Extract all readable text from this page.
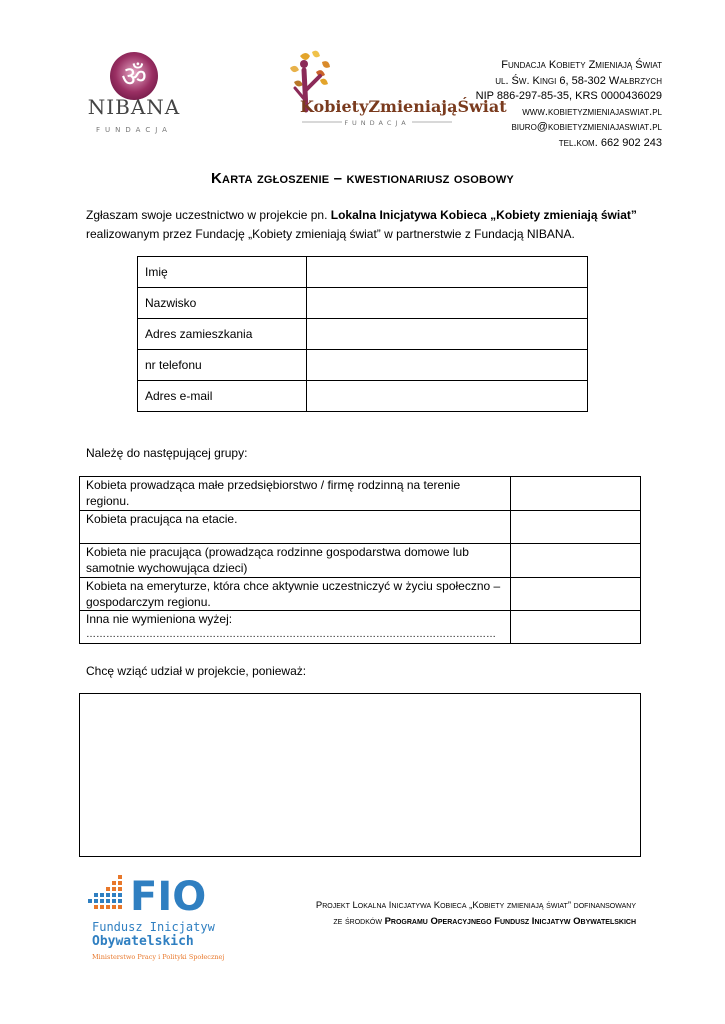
ॐ
NIBANA
FUNDACJA
KobietyZmieniająŚwiat
FUNDACJA
Fundacja Kobiety Zmieniają Świat
ul. Św. Kingi 6, 58-302 Wałbrzych
NIP 886-297-85-35, KRS 0000436029
www.kobietyzmieniajaswiat.pl
biuro@kobietyzmieniajaswiat.pl
tel.kom. 662 902 243
Karta zgłoszenie – kwestionariusz osobowy
Zgłaszam swoje uczestnictwo w projekcie pn. Lokalna Inicjatywa Kobieca „Kobiety zmieniają świat”
realizowanym przez Fundację „Kobiety zmieniają świat” w partnerstwie z Fundacją NIBANA.
Imię	
Nazwisko	
Adres zamieszkania	
nr telefonu	
Adres e-mail	
Należę do następującej grupy:
Kobieta prowadząca małe przedsiębiorstwo / firmę rodzinną na terenie regionu.	
Kobieta pracująca na etacie.	
Kobieta nie pracująca (prowadząca rodzinne gospodarstwa domowe lub samotnie wychowująca dzieci)	
Kobieta na emeryturze, która chce aktywnie uczestniczyć w życiu społeczno – gospodarczym regionu.	

Inna nie wymieniona wyżej:
……………………………………………………………………………………………………………	

Chcę wziąć udział w projekcie, ponieważ:
FIO
Fundusz Inicjatyw
Obywatelskich
Ministerstwo Pracy i Polityki Społecznej
Projekt Lokalna Inicjatywa Kobieca „Kobiety zmieniają świat” dofinansowany
ze środków Programu Operacyjnego Fundusz Inicjatyw Obywatelskich
